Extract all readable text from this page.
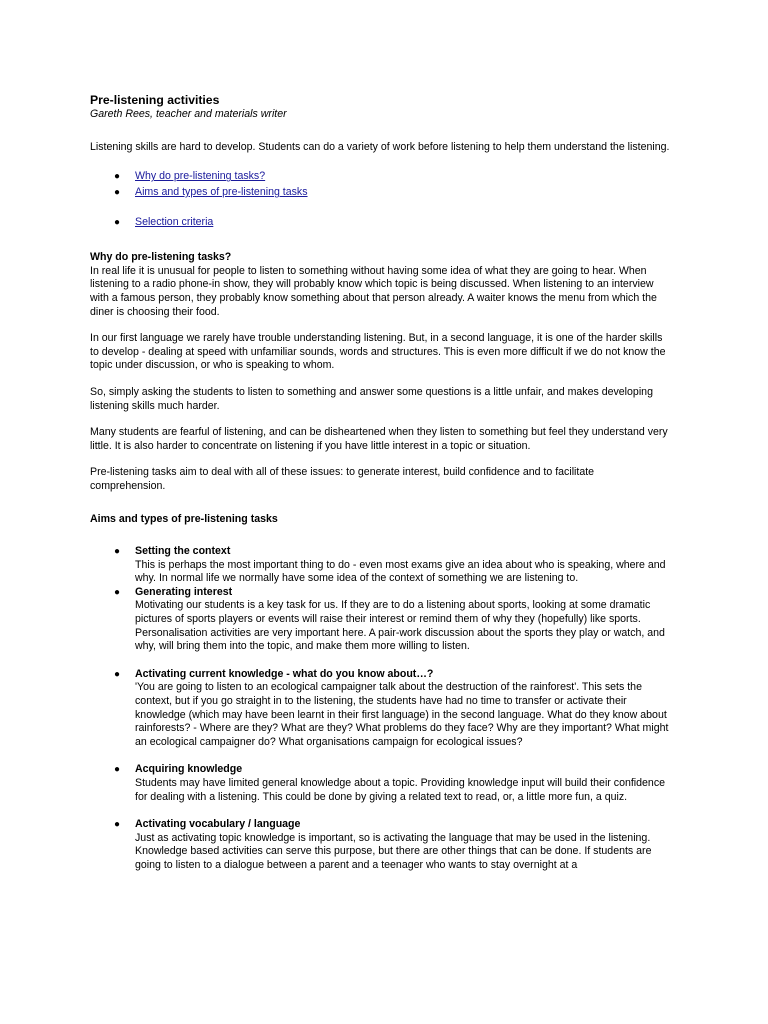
Pre-listening activities

Gareth Rees, teacher and materials writer

Listening skills are hard to develop. Students can do a variety of work before listening to help them understand the listening.

● Why do pre-listening tasks?
● Aims and types of pre-listening tasks
● Selection criteria

Why do pre-listening tasks?

In real life it is unusual for people to listen to something without having some idea of what they are going to hear. When listening to a radio phone-in show, they will probably know which topic is being discussed. When listening to an interview with a famous person, they probably know something about that person already. A waiter knows the menu from which the diner is choosing their food.

In our first language we rarely have trouble understanding listening. But, in a second language, it is one of the harder skills to develop - dealing at speed with unfamiliar sounds, words and structures. This is even more difficult if we do not know the topic under discussion, or who is speaking to whom.

So, simply asking the students to listen to something and answer some questions is a little unfair, and makes developing listening skills much harder.

Many students are fearful of listening, and can be disheartened when they listen to something but feel they understand very little. It is also harder to concentrate on listening if you have little interest in a topic or situation.

Pre-listening tasks aim to deal with all of these issues: to generate interest, build confidence and to facilitate comprehension.

Aims and types of pre-listening tasks

● Setting the context
This is perhaps the most important thing to do - even most exams give an idea about who is speaking, where and why. In normal life we normally have some idea of the context of something we are listening to.
● Generating interest
Motivating our students is a key task for us. If they are to do a listening about sports, looking at some dramatic pictures of sports players or events will raise their interest or remind them of why they (hopefully) like sports. Personalisation activities are very important here. A pair-work discussion about the sports they play or watch, and why, will bring them into the topic, and make them more willing to listen.
● Activating current knowledge - what do you know about…?
'You are going to listen to an ecological campaigner talk about the destruction of the rainforest'. This sets the context, but if you go straight in to the listening, the students have had no time to transfer or activate their knowledge (which may have been learnt in their first language) in the second language. What do they know about rainforests? - Where are they? What are they? What problems do they face? Why are they important? What might an ecological campaigner do? What organisations campaign for ecological issues?
● Acquiring knowledge
Students may have limited general knowledge about a topic. Providing knowledge input will build their confidence for dealing with a listening. This could be done by giving a related text to read, or, a little more fun, a quiz.
● Activating vocabulary / language
Just as activating topic knowledge is important, so is activating the language that may be used in the listening. Knowledge based activities can serve this purpose, but there are other things that can be done. If students are going to listen to a dialogue between a parent and a teenager who wants to stay overnight at a
